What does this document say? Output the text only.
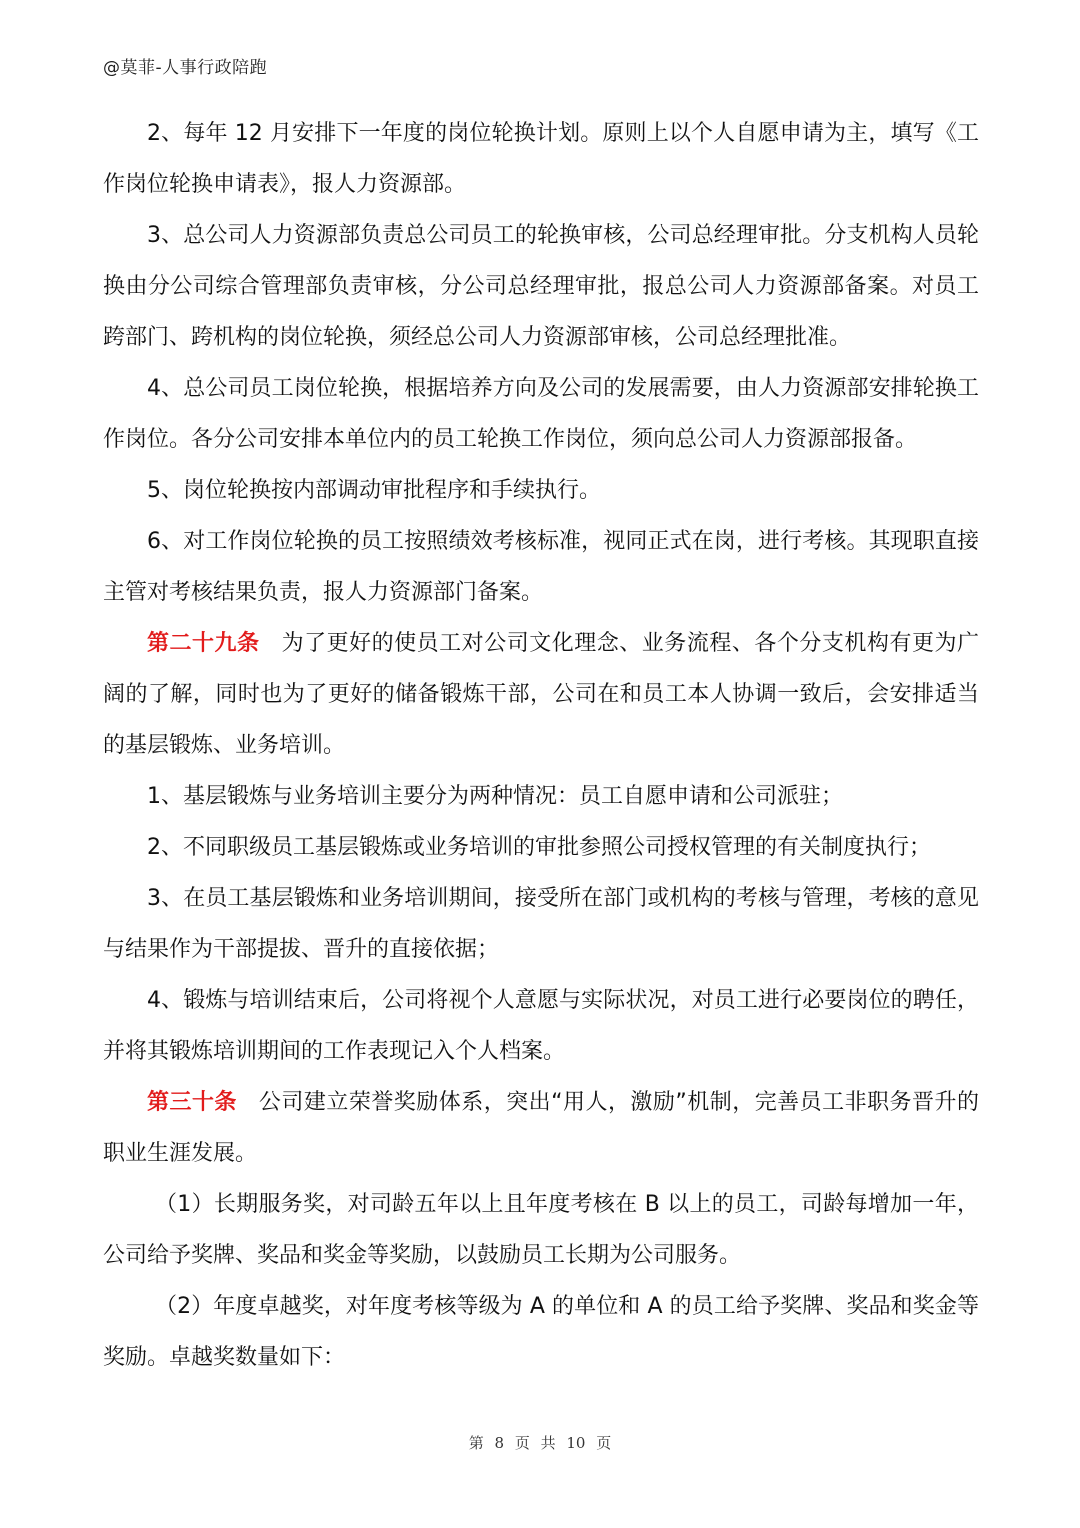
@莫菲-人事行政陪跑

2、每年 12 月安排下一年度的岗位轮换计划。原则上以个人自愿申请为主，填写《工作岗位轮换申请表》，报人力资源部。

3、总公司人力资源部负责总公司员工的轮换审核，公司总经理审批。分支机构人员轮换由分公司综合管理部负责审核，分公司总经理审批，报总公司人力资源部备案。对员工跨部门、跨机构的岗位轮换，须经总公司人力资源部审核，公司总经理批准。

4、总公司员工岗位轮换，根据培养方向及公司的发展需要，由人力资源部安排轮换工作岗位。各分公司安排本单位内的员工轮换工作岗位，须向总公司人力资源部报备。

5、岗位轮换按内部调动审批程序和手续执行。

6、对工作岗位轮换的员工按照绩效考核标准，视同正式在岗，进行考核。其现职直接主管对考核结果负责，报人力资源部门备案。

第二十九条 为了更好的使员工对公司文化理念、业务流程、各个分支机构有更为广阔的了解，同时也为了更好的储备锻炼干部，公司在和员工本人协调一致后，会安排适当的基层锻炼、业务培训。

1、基层锻炼与业务培训主要分为两种情况：员工自愿申请和公司派驻；

2、不同职级员工基层锻炼或业务培训的审批参照公司授权管理的有关制度执行；

3、在员工基层锻炼和业务培训期间，接受所在部门或机构的考核与管理，考核的意见与结果作为干部提拔、晋升的直接依据；

4、锻炼与培训结束后，公司将视个人意愿与实际状况，对员工进行必要岗位的聘任，并将其锻炼培训期间的工作表现记入个人档案。

第三十条 公司建立荣誉奖励体系，突出“用人，激励”机制，完善员工非职务晋升的职业生涯发展。

（1）长期服务奖，对司龄五年以上且年度考核在 B 以上的员工，司龄每增加一年，公司给予奖牌、奖品和奖金等奖励，以鼓励员工长期为公司服务。

（2）年度卓越奖，对年度考核等级为 A 的单位和 A 的员工给予奖牌、奖品和奖金等奖励。卓越奖数量如下：

第 8 页 共 10 页
